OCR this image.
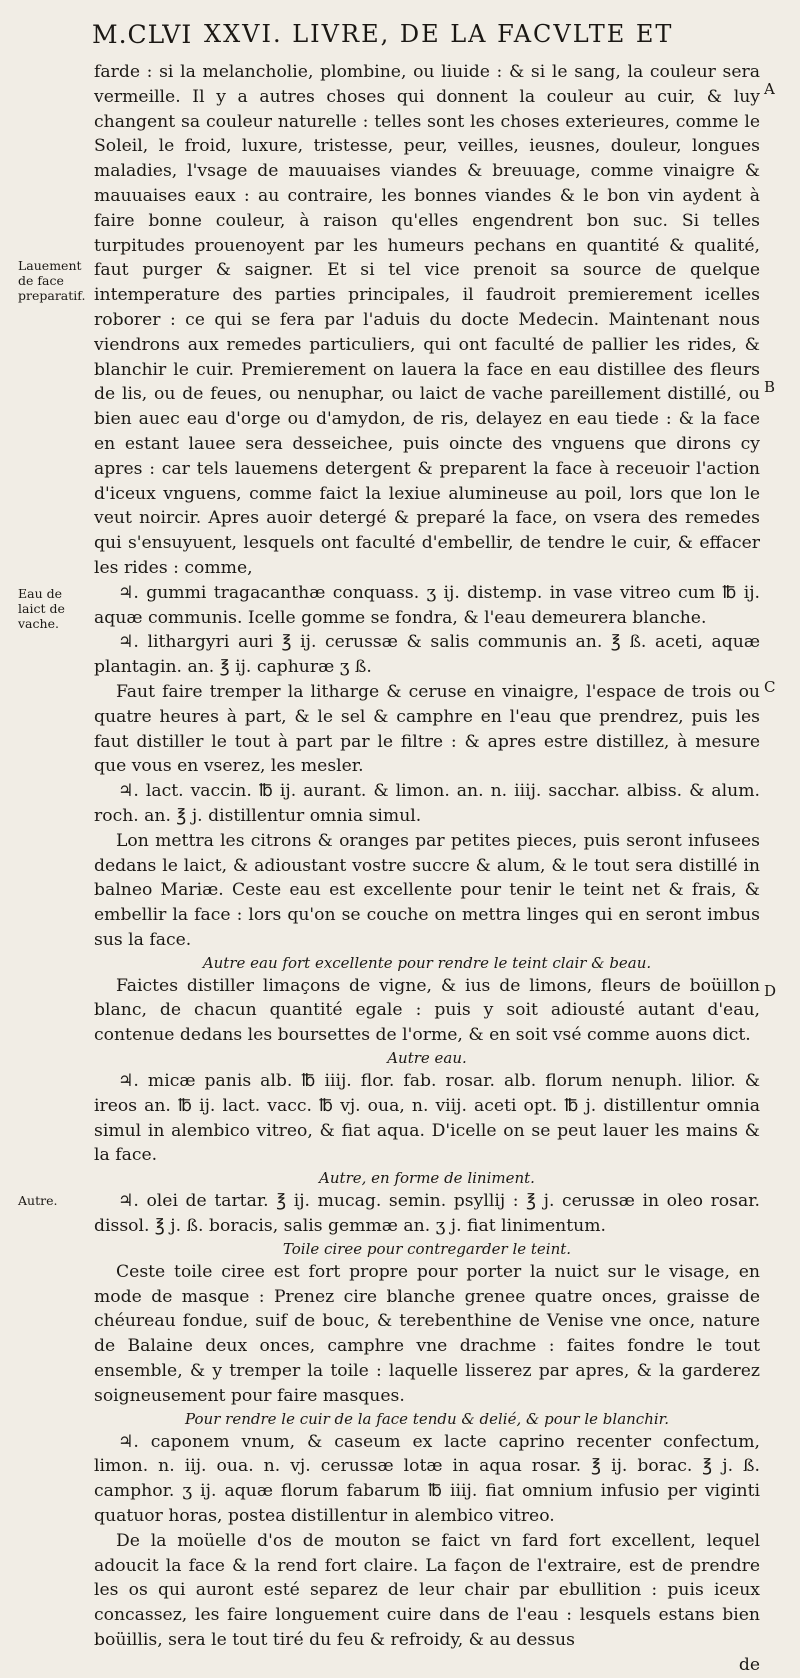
M.CLVI XXVI. LIVRE, DE LA FACVLTE ET
Lauement de face preparatif.
Eau de laict de vache.
Autre.
A
B
C
D

farde : si la melancholie, plombine, ou liuide : & si le sang, la couleur sera vermeille. Il y a autres choses qui donnent la couleur au cuir, & luy changent sa couleur naturelle : telles sont les choses exterieures, comme le Soleil, le froid, luxure, tristesse, peur, veilles, ieusnes, douleur, longues maladies, l'vsage de mauuaises viandes & breuuage, comme vinaigre & mauuaises eaux : au contraire, les bonnes viandes & le bon vin aydent à faire bonne couleur, à raison qu'elles engendrent bon suc. Si telles turpitudes prouenoyent par les humeurs pechans en quantité & qualité, faut purger & saigner. Et si tel vice prenoit sa source de quelque intemperature des parties principales, il faudroit premierement icelles roborer : ce qui se fera par l'aduis du docte Medecin. Maintenant nous viendrons aux remedes particuliers, qui ont faculté de pallier les rides, & blanchir le cuir. Premierement on lauera la face en eau distillee des fleurs de lis, ou de feues, ou nenuphar, ou laict de vache pareillement distillé, ou bien auec eau d'orge ou d'amydon, de ris, delayez en eau tiede : & la face en estant lauee sera desseichee, puis oincte des vnguens que dirons cy apres : car tels lauemens detergent & preparent la face à receuoir l'action d'iceux vnguens, comme faict la lexiue alumineuse au poil, lors que lon le veut noircir. Apres auoir detergé & preparé la face, on vsera des remedes qui s'ensuyuent, lesquels ont faculté d'embellir, de tendre le cuir, & effacer les rides : comme,

♃. gummi tragacanthæ conquass. ʒ ij. distemp. in vase vitreo cum ℔ ij. aquæ communis. Icelle gomme se fondra, & l'eau demeurera blanche.

♃. lithargyri auri ℥ ij. cerussæ & salis communis an. ℥ ß. aceti, aquæ plantagin. an. ℥ ij. caphuræ ʒ ß.

Faut faire tremper la litharge & ceruse en vinaigre, l'espace de trois ou quatre heures à part, & le sel & camphre en l'eau que prendrez, puis les faut distiller le tout à part par le filtre : & apres estre distillez, à mesure que vous en vserez, les mesler.

♃. lact. vaccin. ℔ ij. aurant. & limon. an. n. iiij. sacchar. albiss. & alum. roch. an. ℥ j. distillentur omnia simul.

Lon mettra les citrons & oranges par petites pieces, puis seront infusees dedans le laict, & adioustant vostre succre & alum, & le tout sera distillé in balneo Mariæ. Ceste eau est excellente pour tenir le teint net & frais, & embellir la face : lors qu'on se couche on mettra linges qui en seront imbus sus la face.

Autre eau fort excellente pour rendre le teint clair & beau.

Faictes distiller limaçons de vigne, & ius de limons, fleurs de boüillon blanc, de chacun quantité egale : puis y soit adiousté autant d'eau, contenue dedans les boursettes de l'orme, & en soit vsé comme auons dict.

Autre eau.

♃. micæ panis alb. ℔ iiij. flor. fab. rosar. alb. florum nenuph. lilior. & ireos an. ℔ ij. lact. vacc. ℔ vj. oua, n. viij. aceti opt. ℔ j. distillentur omnia simul in alembico vitreo, & fiat aqua. D'icelle on se peut lauer les mains & la face.

Autre, en forme de liniment.

♃. olei de tartar. ℥ ij. mucag. semin. psyllij : ℥ j. cerussæ in oleo rosar. dissol. ℥ j. ß. boracis, salis gemmæ an. ʒ j. fiat linimentum.

Toile ciree pour contregarder le teint.

Ceste toile ciree est fort propre pour porter la nuict sur le visage, en mode de masque : Prenez cire blanche grenee quatre onces, graisse de chéureau fondue, suif de bouc, & terebenthine de Venise vne once, nature de Balaine deux onces, camphre vne drachme : faites fondre le tout ensemble, & y tremper la toile : laquelle lisserez par apres, & la garderez soigneusement pour faire masques.

Pour rendre le cuir de la face tendu & delié, & pour le blanchir.

♃. caponem vnum, & caseum ex lacte caprino recenter confectum, limon. n. iij. oua. n. vj. cerussæ lotæ in aqua rosar. ℥ ij. borac. ℥ j. ß. camphor. ʒ ij. aquæ florum fabarum ℔ iiij. fiat omnium infusio per viginti quatuor horas, postea distillentur in alembico vitreo.

De la moüelle d'os de mouton se faict vn fard fort excellent, lequel adoucit la face & la rend fort claire. La façon de l'extraire, est de prendre les os qui auront esté separez de leur chair par ebullition : puis iceux concassez, les faire longuement cuire dans de l'eau : lesquels estans bien boüillis, sera le tout tiré du feu & refroidy, & au dessus

de
